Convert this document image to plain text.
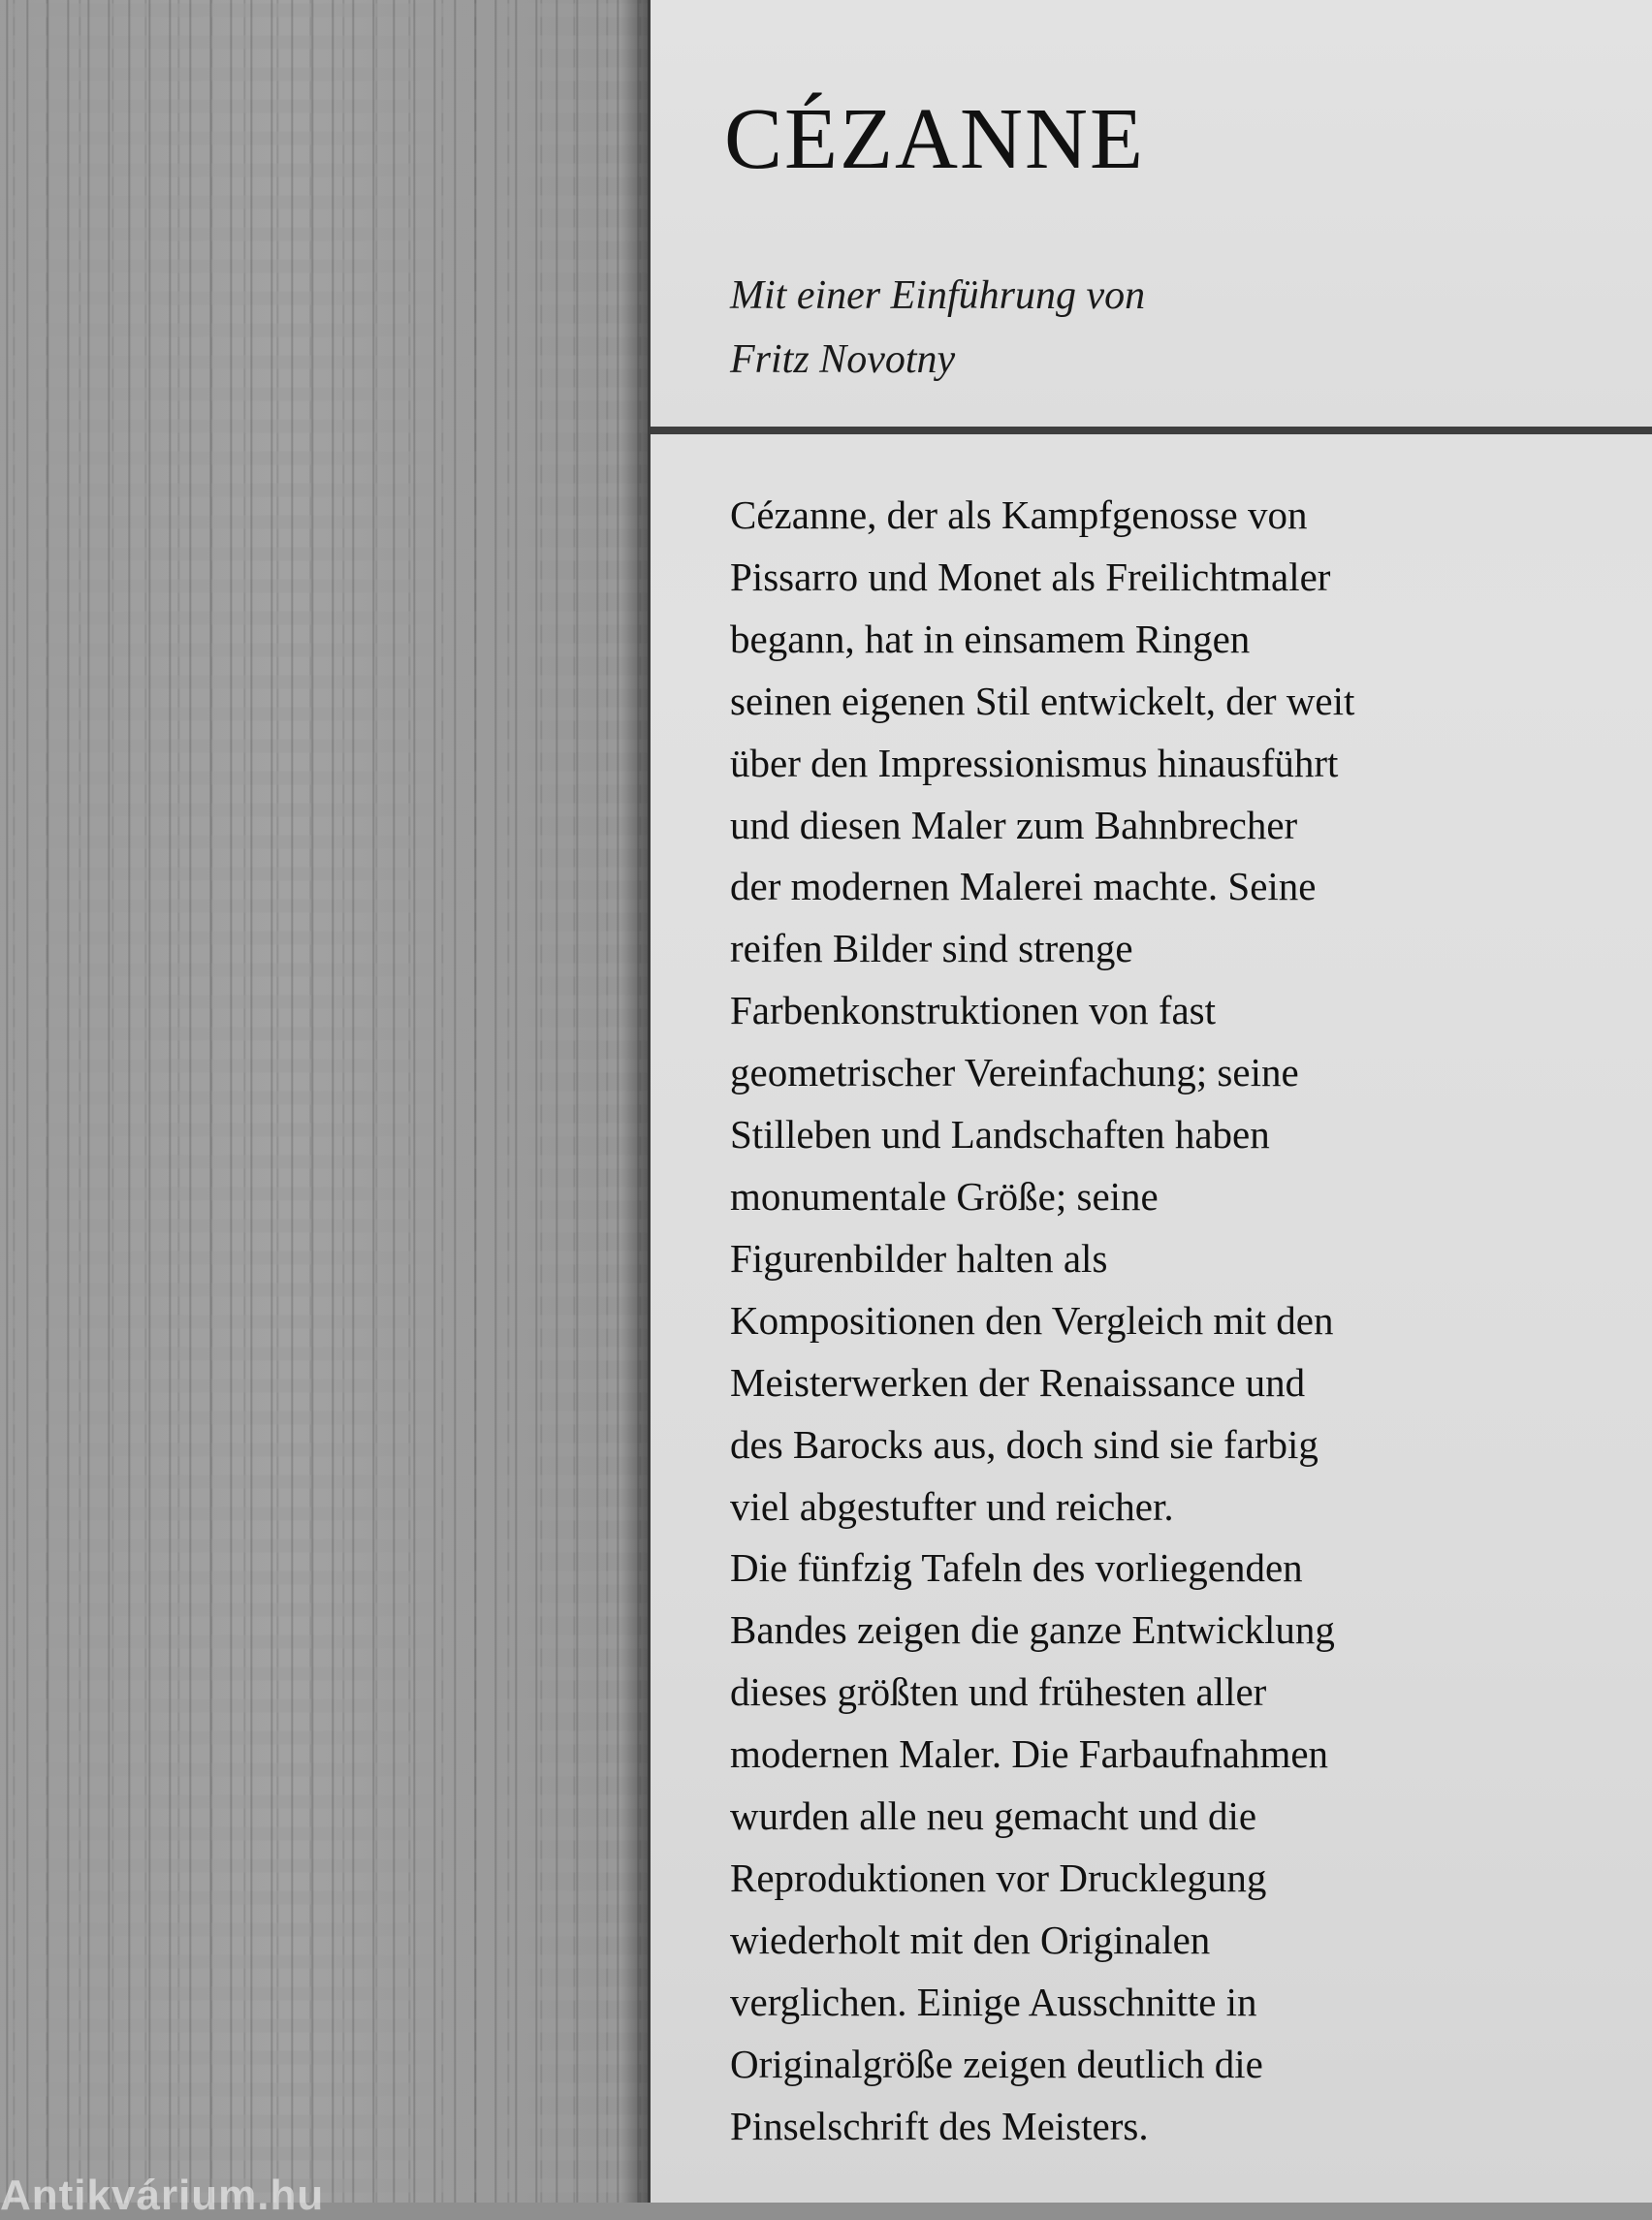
CÉZANNE
Mit einer Einführung von
Fritz Novotny
Cézanne, der als Kampfgenosse von
Pissarro und Monet als Freilichtmaler
begann, hat in einsamem Ringen
seinen eigenen Stil entwickelt, der weit
über den Impressionismus hinausführt
und diesen Maler zum Bahnbrecher
der modernen Malerei machte. Seine
reifen Bilder sind strenge
Farbenkonstruktionen von fast
geometrischer Vereinfachung; seine
Stilleben und Landschaften haben
monumentale Größe; seine
Figurenbilder halten als
Kompositionen den Vergleich mit den
Meisterwerken der Renaissance und
des Barocks aus, doch sind sie farbig
viel abgestufter und reicher.
Die fünfzig Tafeln des vorliegenden
Bandes zeigen die ganze Entwicklung
dieses größten und frühesten aller
modernen Maler. Die Farbaufnahmen
wurden alle neu gemacht und die
Reproduktionen vor Drucklegung
wiederholt mit den Originalen
verglichen. Einige Ausschnitte in
Originalgröße zeigen deutlich die
Pinselschrift des Meisters.
Antikvárium.hu
